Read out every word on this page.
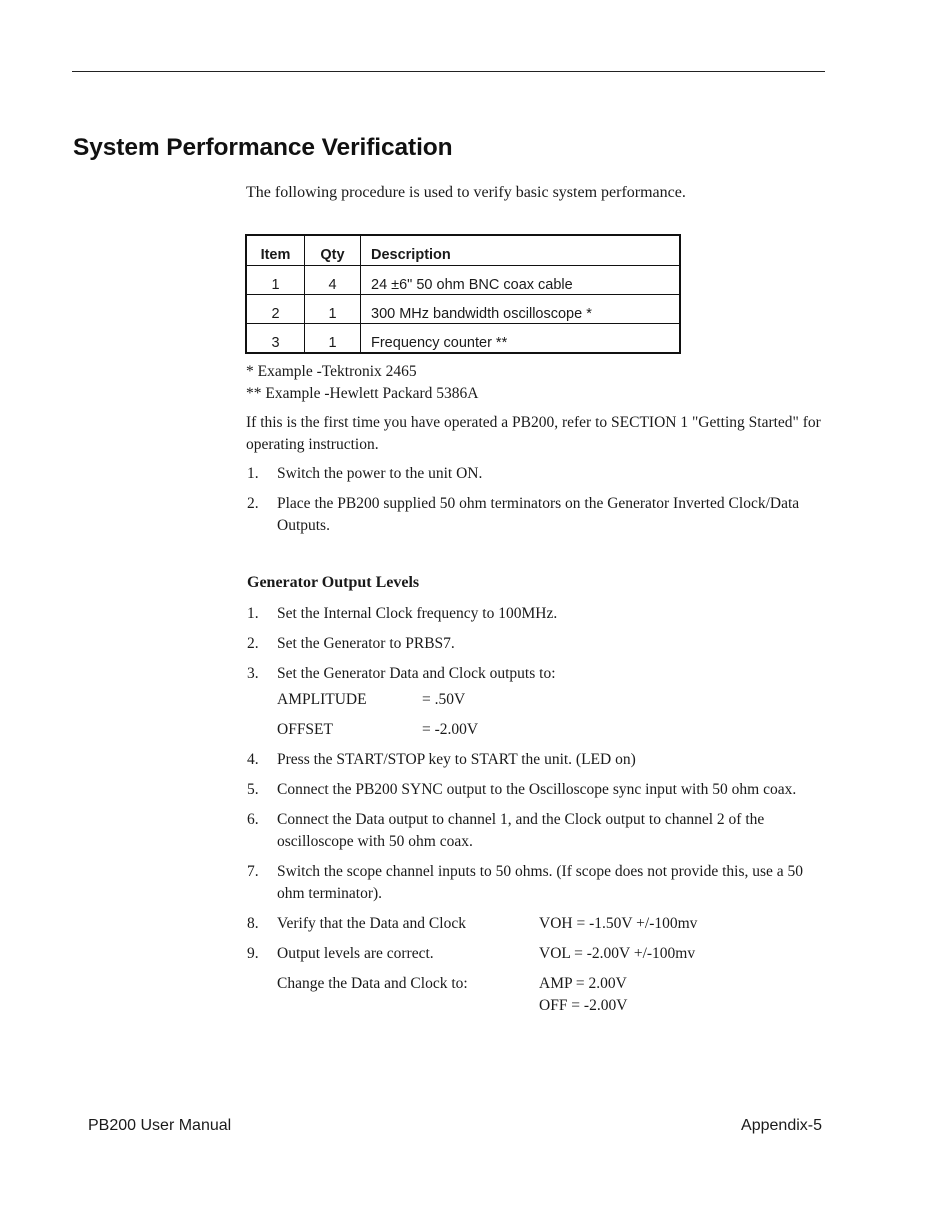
System Performance Verification
The following procedure is used to verify basic system performance.
Item	Qty	Description
1	4	24 ±6" 50 ohm BNC coax cable
2	1	300 MHz bandwidth oscilloscope *
3	1	Frequency counter **
* Example -Tektronix 2465
** Example -Hewlett Packard 5386A
If this is the first time you have operated a PB200, refer to SECTION 1 "Getting Started" for operating instruction.
1. Switch the power to the unit ON.
2. Place the PB200 supplied 50 ohm terminators on the Generator Inverted Clock/Data Outputs.
Generator Output Levels
1. Set the Internal Clock frequency to 100MHz.
2. Set the Generator to PRBS7.
3. Set the Generator Data and Clock outputs to:
AMPLITUDE	= .50V
OFFSET	= -2.00V
4. Press the START/STOP key to START the unit. (LED on)
5. Connect the PB200 SYNC output to the Oscilloscope sync input with 50 ohm coax.
6. Connect the Data output to channel 1, and the Clock output to channel 2 of the oscilloscope with 50 ohm coax.
7. Switch the scope channel inputs to 50 ohms. (If scope does not provide this, use a 50 ohm terminator).
8. Verify that the Data and Clock	VOH = -1.50V +/-100mv
9. Output levels are correct.	VOL = -2.00V +/-100mv
Change the Data and Clock to:	AMP = 2.00V
OFF = -2.00V
PB200 User Manual	Appendix-5
